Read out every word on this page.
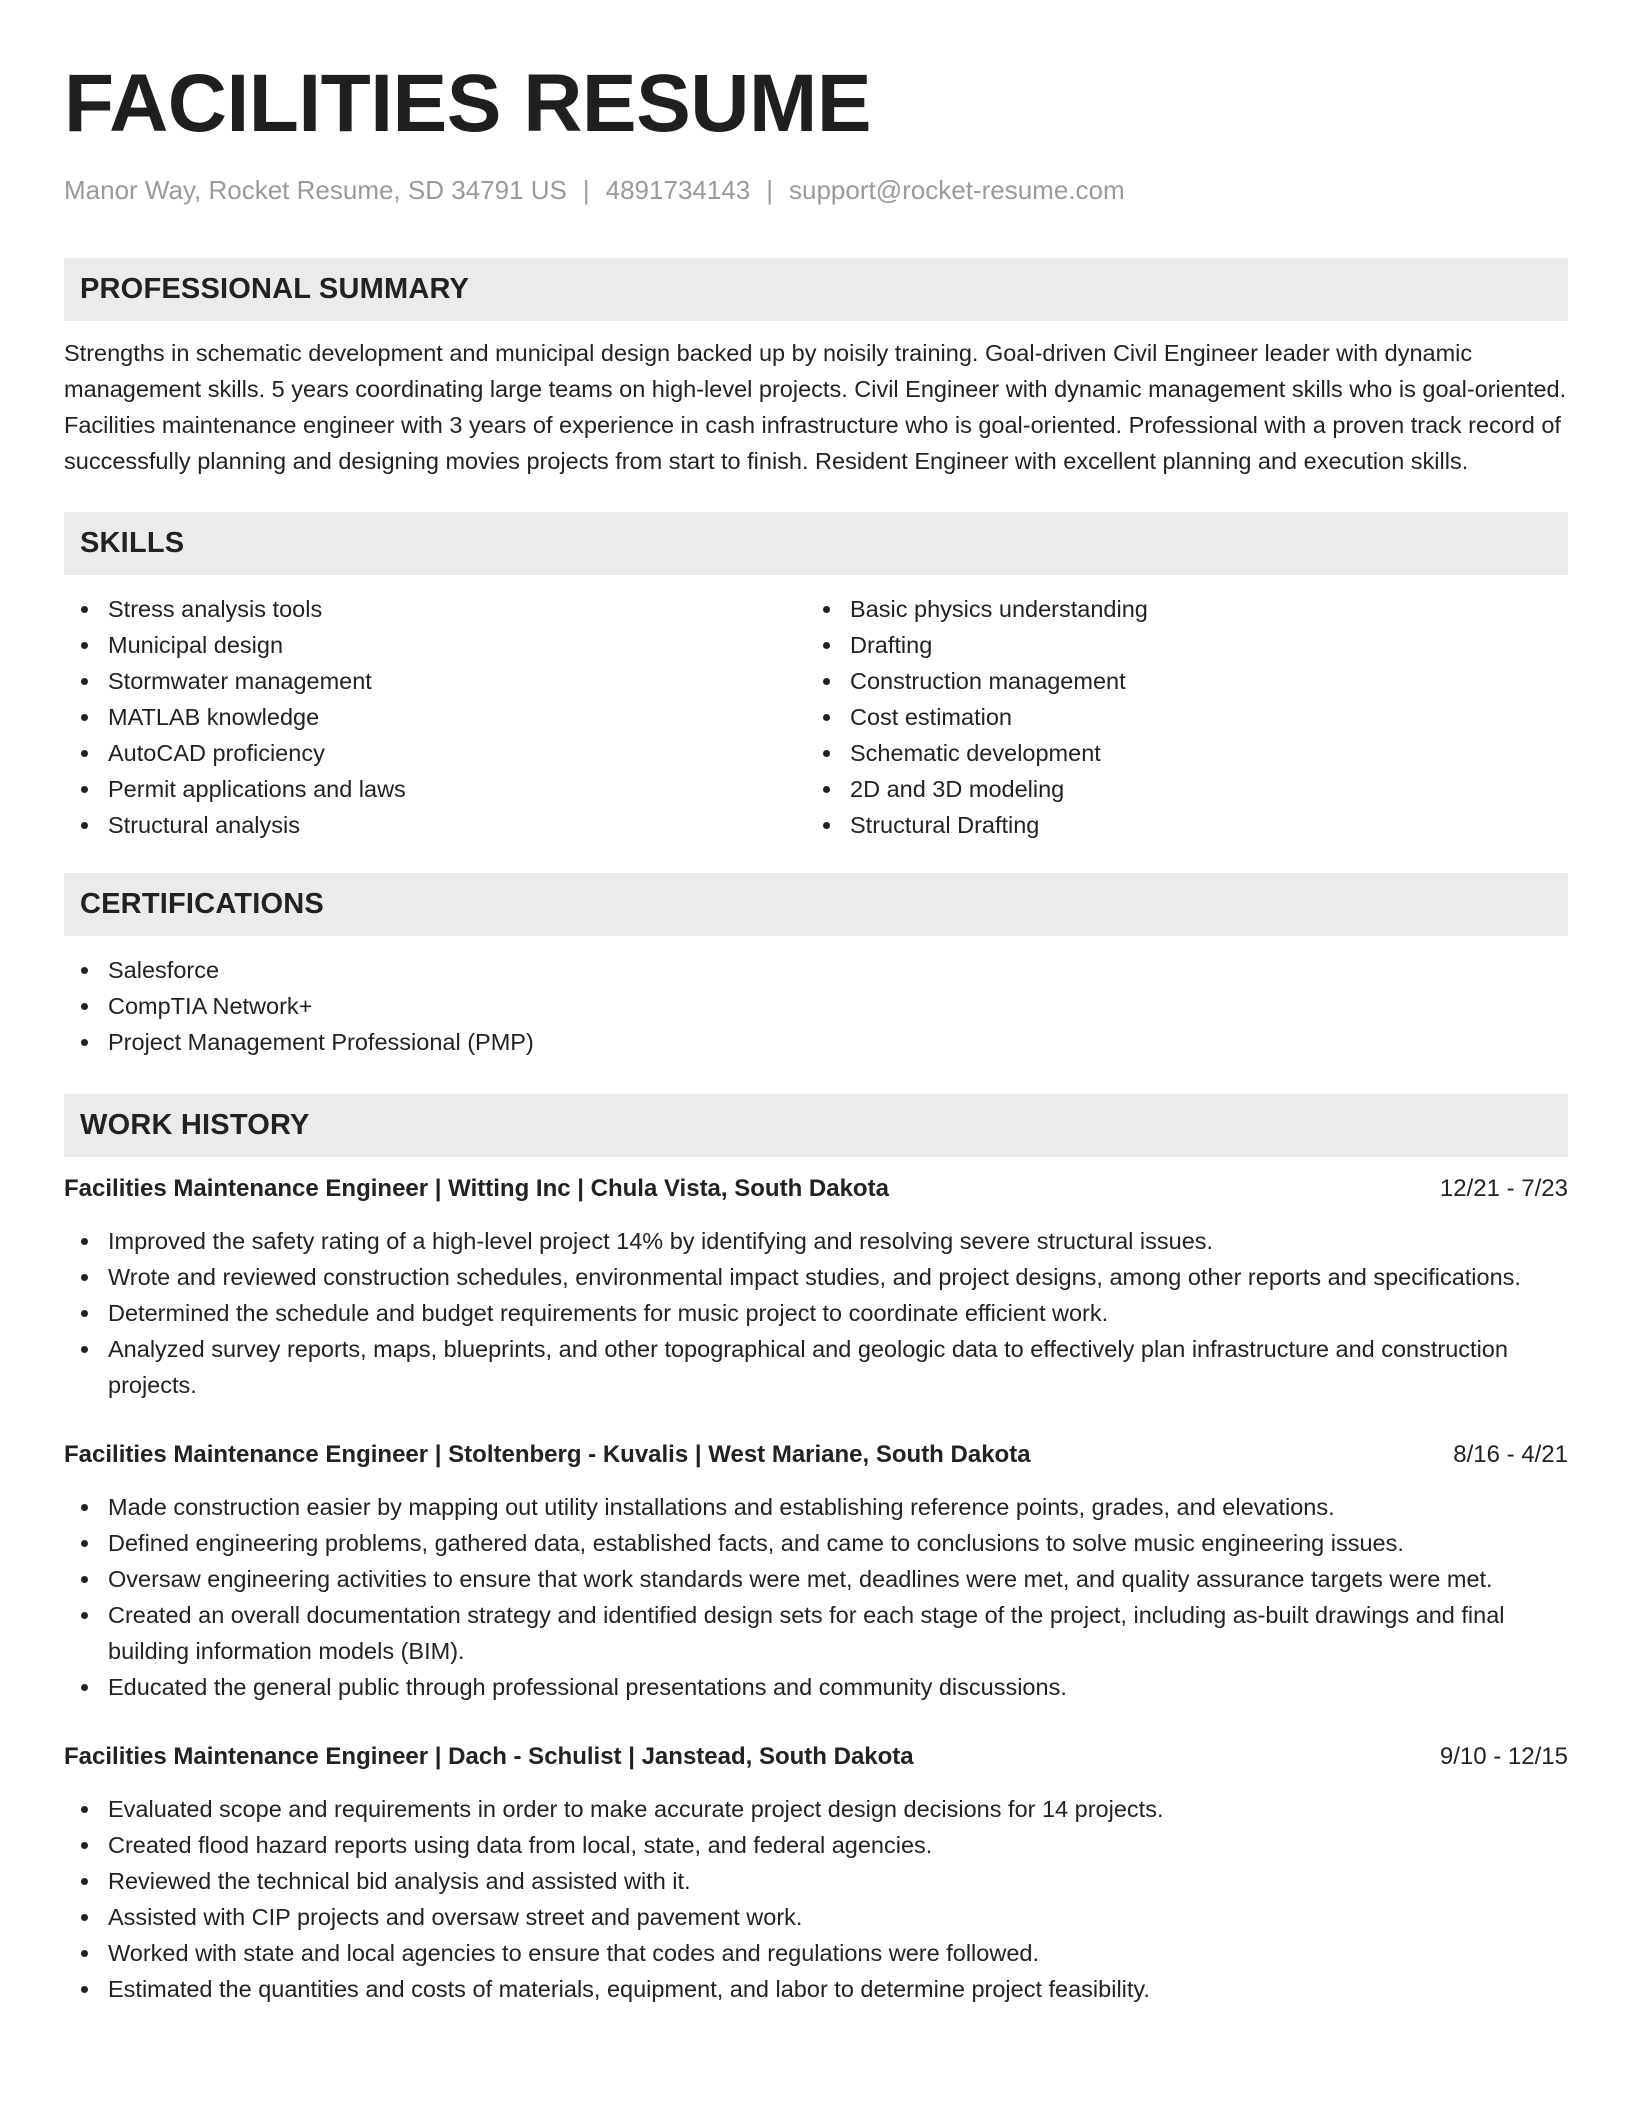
FACILITIES RESUME
Manor Way, Rocket Resume, SD 34791 US | 4891734143 | support@rocket-resume.com
PROFESSIONAL SUMMARY

Strengths in schematic development and municipal design backed up by noisily training. Goal-driven Civil Engineer leader with dynamic management skills. 5 years coordinating large teams on high-level projects. Civil Engineer with dynamic management skills who is goal-oriented. Facilities maintenance engineer with 3 years of experience in cash infrastructure who is goal-oriented. Professional with a proven track record of successfully planning and designing movies projects from start to finish. Resident Engineer with excellent planning and execution skills.

SKILLS
Stress analysis tools
Municipal design
Stormwater management
MATLAB knowledge
AutoCAD proficiency
Permit applications and laws
Structural analysis
Basic physics understanding
Drafting
Construction management
Cost estimation
Schematic development
2D and 3D modeling
Structural Drafting
CERTIFICATIONS
Salesforce
CompTIA Network+
Project Management Professional (PMP)
WORK HISTORY
Facilities Maintenance Engineer | Witting Inc | Chula Vista, South Dakota	12/21 - 7/23
Improved the safety rating of a high-level project 14% by identifying and resolving severe structural issues.
Wrote and reviewed construction schedules, environmental impact studies, and project designs, among other reports and specifications.
Determined the schedule and budget requirements for music project to coordinate efficient work.
Analyzed survey reports, maps, blueprints, and other topographical and geologic data to effectively plan infrastructure and construction projects.
Facilities Maintenance Engineer | Stoltenberg - Kuvalis | West Mariane, South Dakota	8/16 - 4/21
Made construction easier by mapping out utility installations and establishing reference points, grades, and elevations.
Defined engineering problems, gathered data, established facts, and came to conclusions to solve music engineering issues.
Oversaw engineering activities to ensure that work standards were met, deadlines were met, and quality assurance targets were met.
Created an overall documentation strategy and identified design sets for each stage of the project, including as-built drawings and final building information models (BIM).
Educated the general public through professional presentations and community discussions.
Facilities Maintenance Engineer | Dach - Schulist | Janstead, South Dakota	9/10 - 12/15
Evaluated scope and requirements in order to make accurate project design decisions for 14 projects.
Created flood hazard reports using data from local, state, and federal agencies.
Reviewed the technical bid analysis and assisted with it.
Assisted with CIP projects and oversaw street and pavement work.
Worked with state and local agencies to ensure that codes and regulations were followed.
Estimated the quantities and costs of materials, equipment, and labor to determine project feasibility.
